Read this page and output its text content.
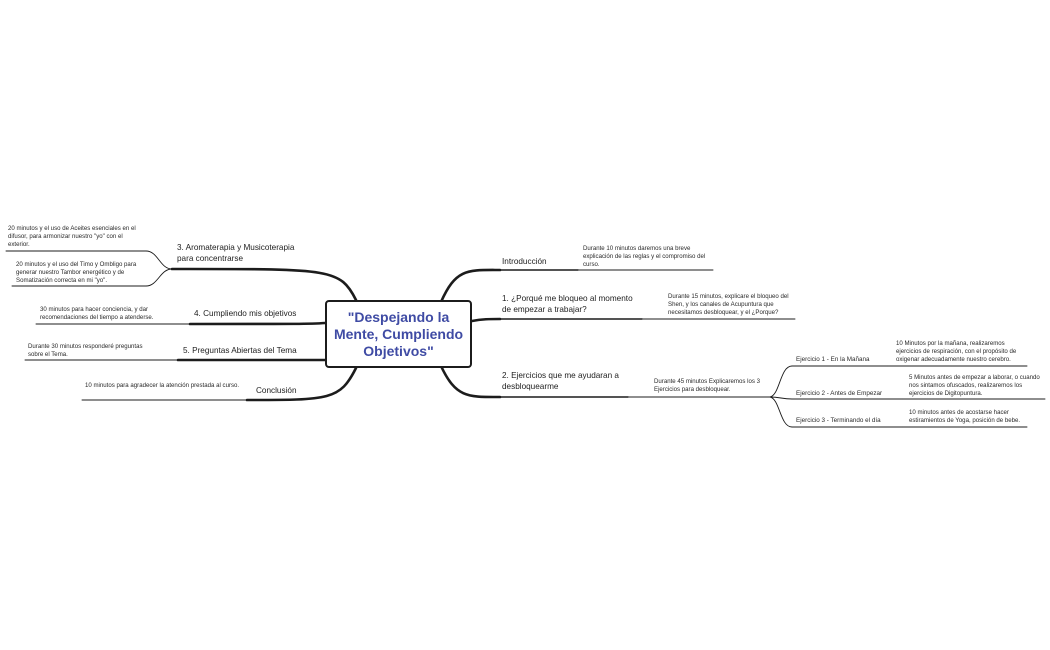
"Despejando la Mente, Cumpliendo Objetivos"
Introducción
Durante 10 minutos daremos una breve explicación de las reglas y el compromiso del curso.
1. ¿Porqué me bloqueo al momento de empezar a trabajar?
Durante 15 minutos, explicare el bloqueo del Shen, y los canales de Acupuntura que necesitamos desbloquear, y el ¿Porque?
2. Ejercicios que me ayudaran a desbloquearme	Durante 45 minutos Explicaremos los 3 Ejercicios para desbloquear.
Ejercicio 1 - En la Mañana
10 Minutos por la mañana, realizaremos ejercicios de respiración, con el propósito de oxigenar adecuadamente nuestro cerebro.
Ejercicio 2 - Antes de Empezar
5 Minutos antes de empezar a laborar, o cuando nos sintamos ofuscados, realizaremos los ejercicios de Digitopuntura.
Ejercicio 3 - Terminando el día
10 minutos antes de acostarse hacer estiramientos de Yoga, posición de bebe.
3. Aromaterapia y Musicoterapia para concentrarse
20 minutos y el uso de Aceites esenciales en el difusor, para armonizar nuestro "yo" con el exterior.
20 minutos y el uso del Timo y Ombligo para generar nuestro Tambor energético y de Somatización correcta en mi "yo".
4. Cumpliendo mis objetivos
30 minutos para hacer conciencia, y dar recomendaciones del tiempo a atenderse.
5. Preguntas Abiertas del Tema
Durante 30 minutos responderé preguntas sobre el Tema.
Conclusión
10 minutos para agradecer la atención prestada al curso.
